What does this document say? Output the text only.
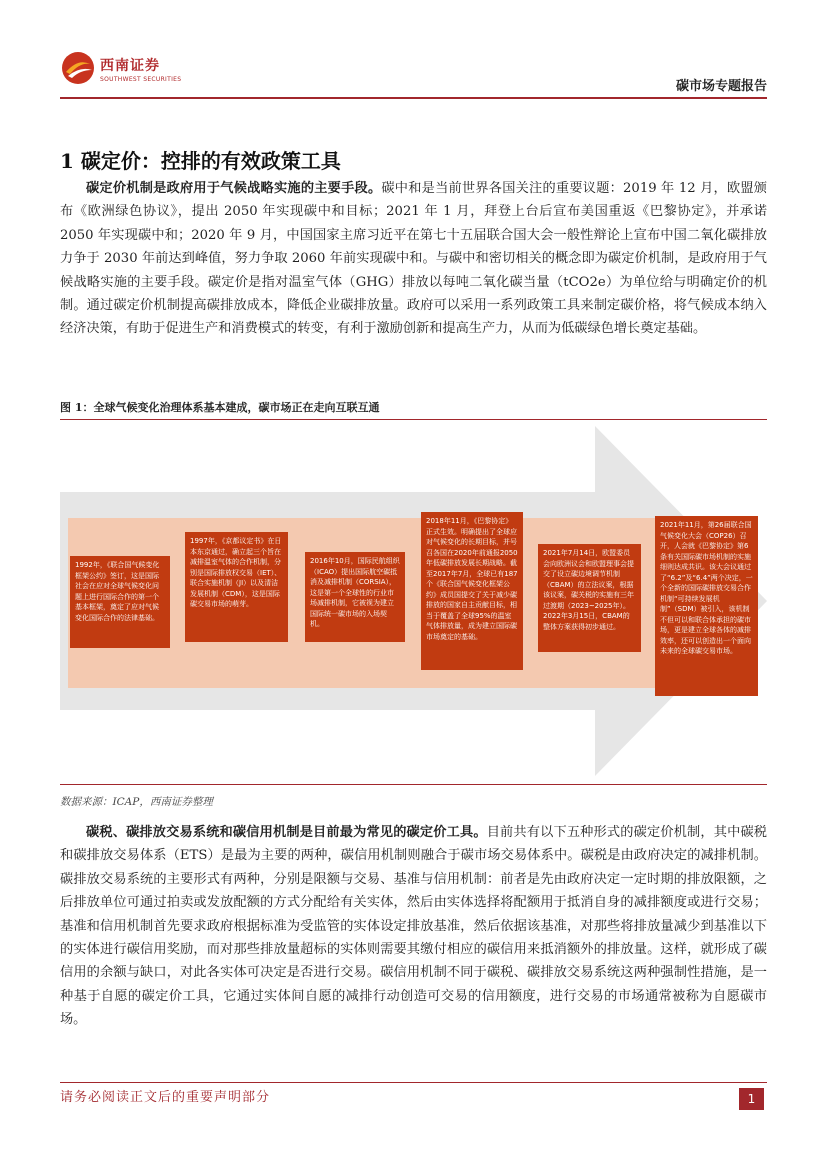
西南证券
SOUTHWEST SECURITIES	碳市场专题报告
1 碳定价：控排的有效政策工具
碳定价机制是政府用于气候战略实施的主要手段。碳中和是当前世界各国关注的重要议题：2019 年 12 月，欧盟颁布《欧洲绿色协议》，提出 2050 年实现碳中和目标；2021 年 1 月，拜登上台后宣布美国重返《巴黎协定》，并承诺 2050 年实现碳中和；2020 年 9 月，中国国家主席习近平在第七十五届联合国大会一般性辩论上宣布中国二氧化碳排放力争于 2030 年前达到峰值，努力争取 2060 年前实现碳中和。与碳中和密切相关的概念即为碳定价机制，是政府用于气候战略实施的主要手段。碳定价是指对温室气体（GHG）排放以每吨二氧化碳当量（tCO2e）为单位给与明确定价的机制。通过碳定价机制提高碳排放成本，降低企业碳排放量。政府可以采用一系列政策工具来制定碳价格，将气候成本纳入经济决策，有助于促进生产和消费模式的转变，有利于激励创新和提高生产力，从而为低碳绿色增长奠定基础。
图 1：全球气候变化治理体系基本建成，碳市场正在走向互联互通
1992年，《联合国气候变化框架公约》签订，这是国际社会在应对全球气候变化问题上进行国际合作的第一个基本框架，奠定了应对气候变化国际合作的法律基础。
1997年，《京都议定书》在日本东京通过，确立起三个旨在减排温室气体的合作机制，分别是国际排放权交易（IET）、联合实施机制（JI）以及清洁发展机制（CDM），这是国际碳交易市场的萌芽。
2016年10月，国际民航组织（ICAO）提出国际航空碳抵消及减排机制（CORSIA），这是第一个全球性的行业市场减排机制，它被视为建立国际统一碳市场的入场契机。
2018年11月，《巴黎协定》正式生效。明确提出了全球应对气候变化的长期目标，并号召各国在2020年前通报2050年低碳排放发展长期战略。截至2017年7月，全球已有187个《联合国气候变化框架公约》成员国提交了关于减少碳排放的国家自主贡献目标，相当于覆盖了全球95%的温室气体排放量，成为建立国际碳市场奠定的基础。
2021年7月14日，欧盟委员会向欧洲议会和欧盟理事会提交了设立碳边境调节机制（CBAM）的立法议案，根据该议案，碳关税的实施有三年过渡期（2023~2025年）。2022年3月15日，CBAM的整体方案获得初步通过。
2021年11月，第26届联合国气候变化大会（COP26）召开，人会就《巴黎协定》第6条有关国际碳市场机制的实施细则达成共识。该大会议通过了“6.2”及“6.4”两个决定，一个全新的国际碳排放交易合作机制“可持续发展机制”（SDM）被引入，该机制不但可以和联合体承担的碳市场，更是建立全球各体的减排效率，还可以创造出一个面向未来的全球碳交易市场。
数据来源：ICAP，西南证券整理
碳税、碳排放交易系统和碳信用机制是目前最为常见的碳定价工具。目前共有以下五种形式的碳定价机制，其中碳税和碳排放交易体系（ETS）是最为主要的两种，碳信用机制则融合于碳市场交易体系中。碳税是由政府决定的减排机制。碳排放交易系统的主要形式有两种，分别是限额与交易、基准与信用机制：前者是先由政府决定一定时期的排放限额，之后排放单位可通过拍卖或发放配额的方式分配给有关实体，然后由实体选择将配额用于抵消自身的减排额度或进行交易；基准和信用机制首先要求政府根据标准为受监管的实体设定排放基准，然后依据该基准，对那些将排放量减少到基准以下的实体进行碳信用奖励，而对那些排放量超标的实体则需要其缴付相应的碳信用来抵消额外的排放量。这样，就形成了碳信用的余额与缺口，对此各实体可决定是否进行交易。碳信用机制不同于碳税、碳排放交易系统这两种强制性措施，是一种基于自愿的碳定价工具，它通过实体间自愿的减排行动创造可交易的信用额度，进行交易的市场通常被称为自愿碳市场。
请务必阅读正文后的重要声明部分	1
